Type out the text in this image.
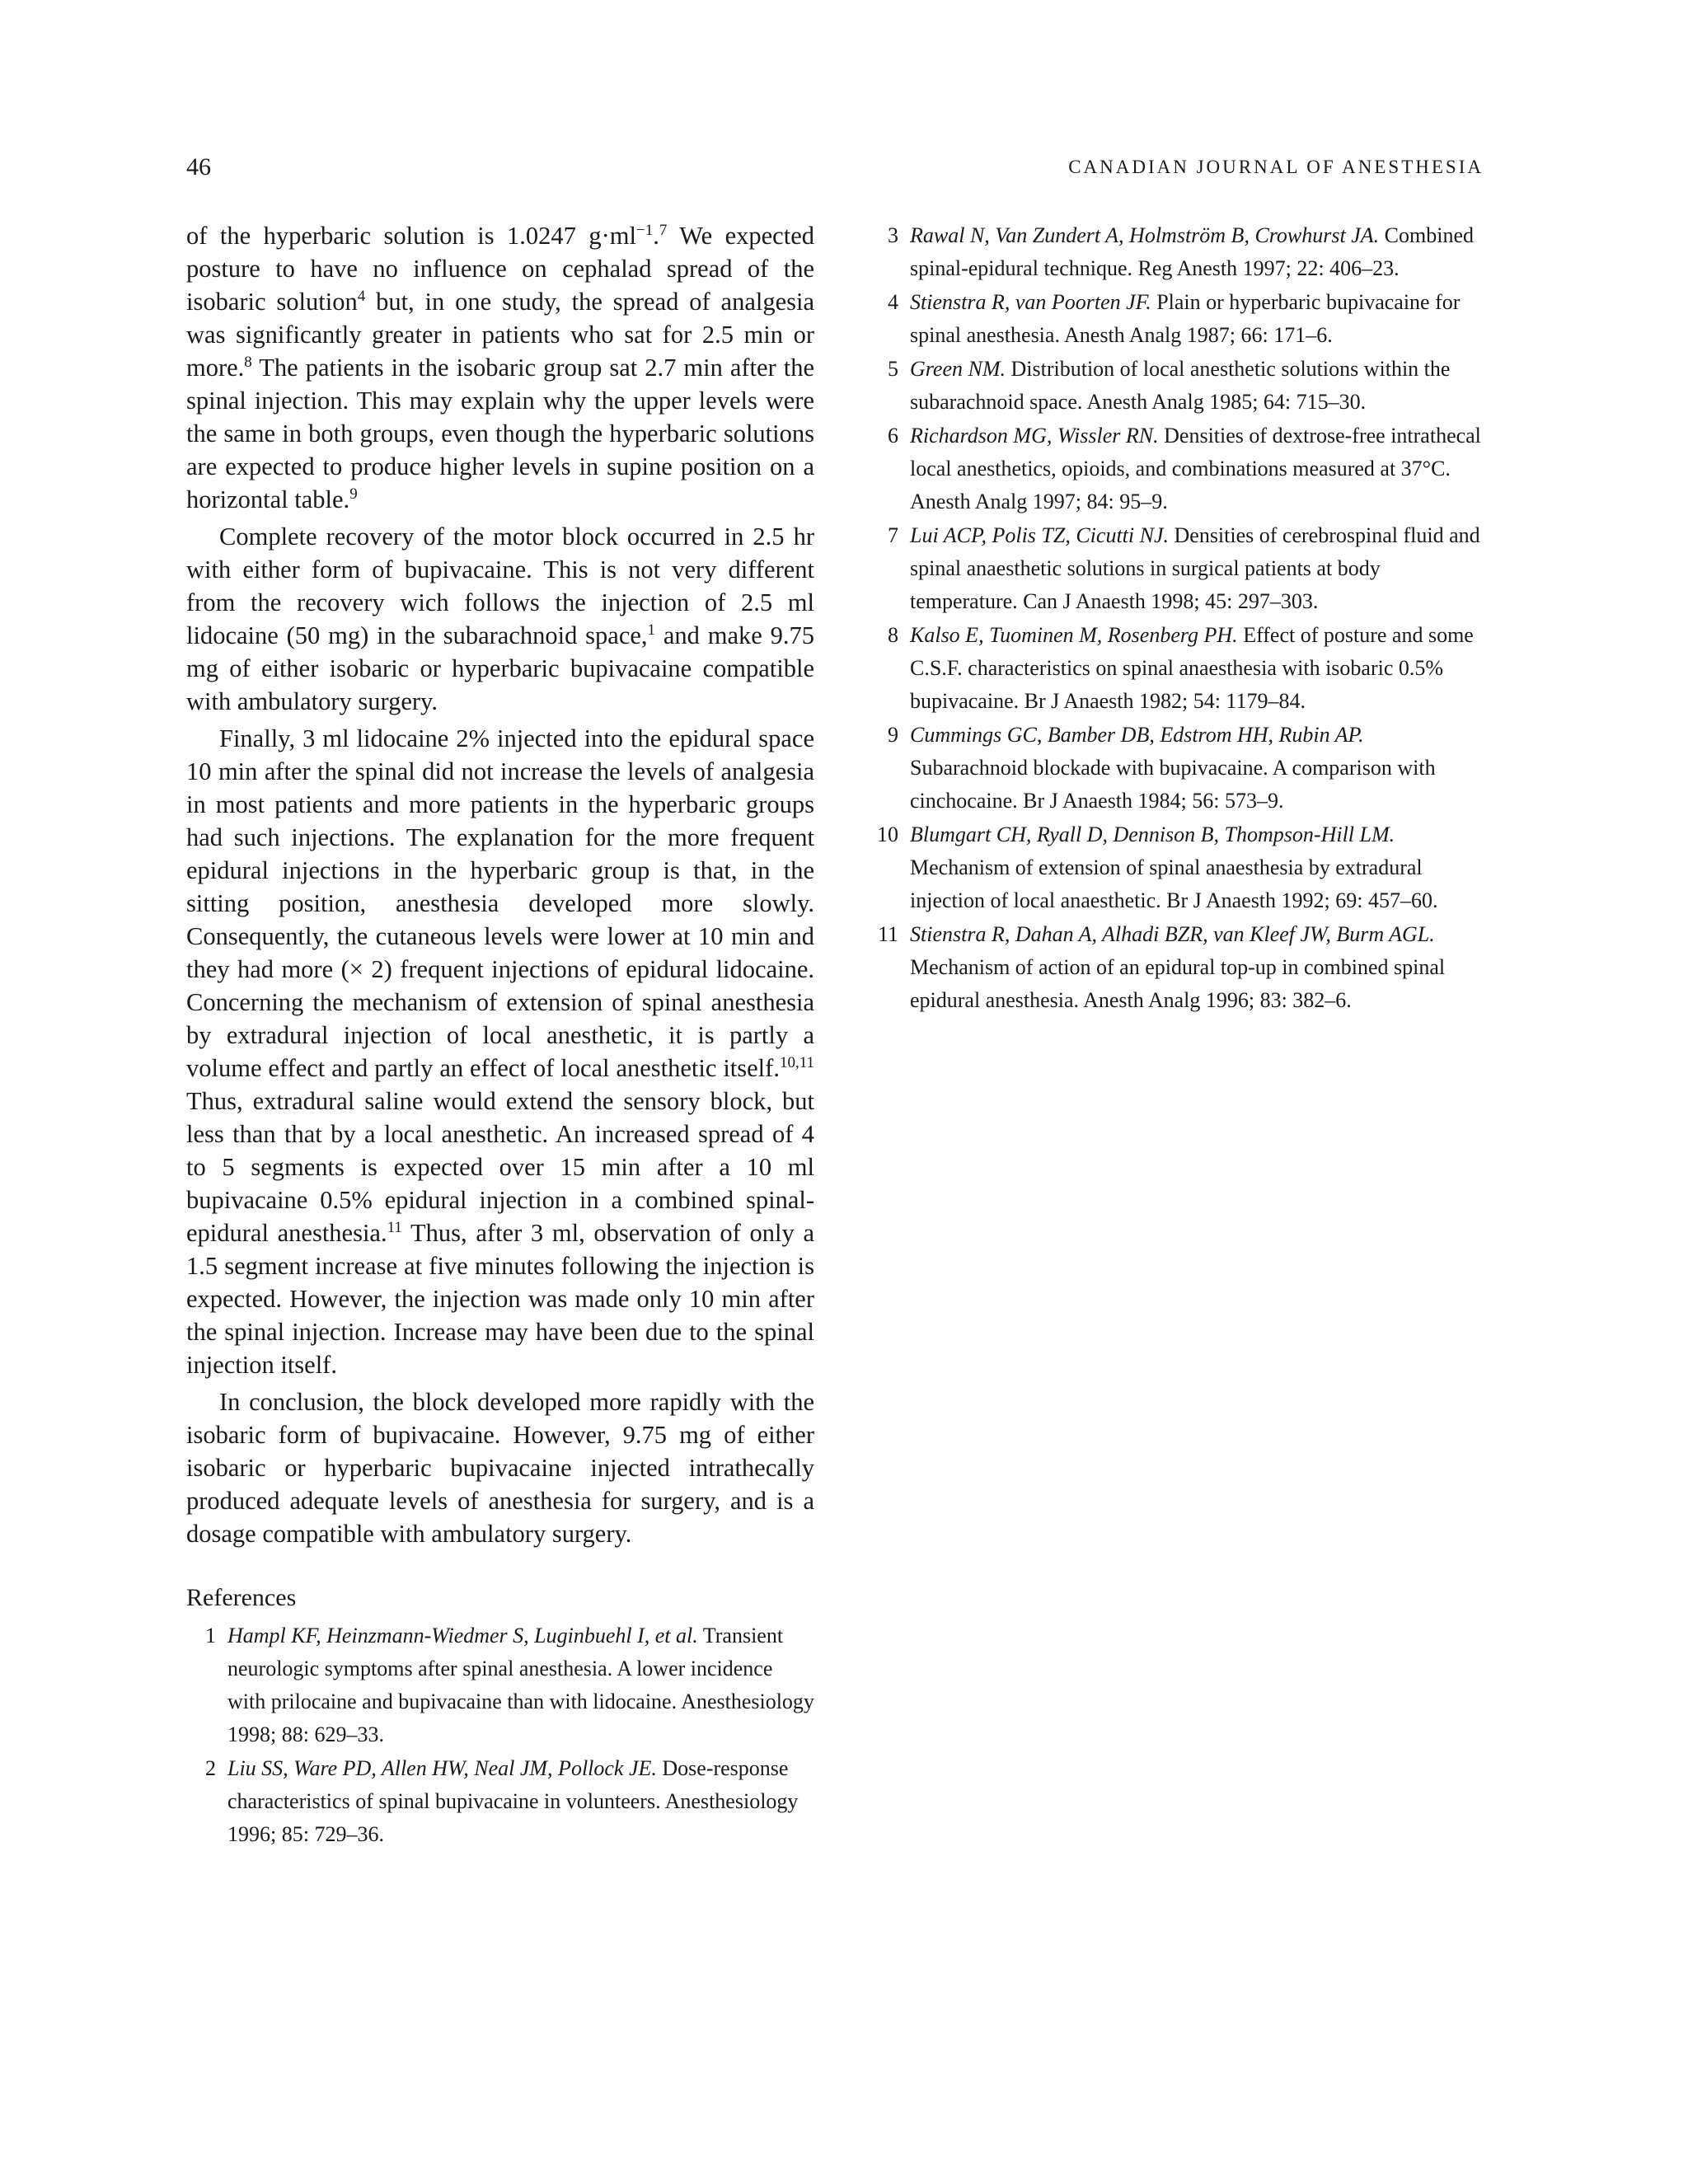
46	CANADIAN JOURNAL OF ANESTHESIA

of the hyperbaric solution is 1.0247 $g\cdot ml^{-1}.^7$ We expected posture to have no influence on cephalad spread of the isobaric solution$^4$ but, in one study, the spread of analgesia was significantly greater in patients who sat for 2.5 min or more.$^8$ The patients in the isobaric group sat 2.7 min after the spinal injection. This may explain why the upper levels were the same in both groups, even though the hyperbaric solutions are expected to produce higher levels in supine position on a horizontal table.$^9$

Complete recovery of the motor block occurred in 2.5 hr with either form of bupivacaine. This is not very different from the recovery wich follows the injection of 2.5 ml lidocaine (50 mg) in the subarachnoid space,$^1$ and make 9.75 mg of either isobaric or hyperbaric bupivacaine compatible with ambulatory surgery.

Finally, 3 ml lidocaine 2% injected into the epidural space 10 min after the spinal did not increase the levels of analgesia in most patients and more patients in the hyperbaric groups had such injections. The explanation for the more frequent epidural injections in the hyperbaric group is that, in the sitting position, anesthesia developed more slowly. Consequently, the cutaneous levels were lower at 10 min and they had more (× 2) frequent injections of epidural lidocaine. Concerning the mechanism of extension of spinal anesthesia by extradural injection of local anesthetic, it is partly a volume effect and partly an effect of local anesthetic itself.$^{10,11}$ Thus, extradural saline would extend the sensory block, but less than that by a local anesthetic. An increased spread of 4 to 5 segments is expected over 15 min after a 10 ml bupivacaine 0.5% epidural injection in a combined spinal-epidural anesthesia.$^{11}$ Thus, after 3 ml, observation of only a 1.5 segment increase at five minutes following the injection is expected. However, the injection was made only 10 min after the spinal injection. Increase may have been due to the spinal injection itself.

In conclusion, the block developed more rapidly with the isobaric form of bupivacaine. However, 9.75 mg of either isobaric or hyperbaric bupivacaine injected intrathecally produced adequate levels of anesthesia for surgery, and is a dosage compatible with ambulatory surgery.

References
1 Hampl KF, Heinzmann-Wiedmer S, Luginbuehl I, et al. Transient neurologic symptoms after spinal anesthesia. A lower incidence with prilocaine and bupivacaine than with lidocaine. Anesthesiology 1998; 88: 629–33.
2 Liu SS, Ware PD, Allen HW, Neal JM, Pollock JE. Dose-response characteristics of spinal bupivacaine in volunteers. Anesthesiology 1996; 85: 729–36.
3 Rawal N, Van Zundert A, Holmström B, Crowhurst JA. Combined spinal-epidural technique. Reg Anesth 1997; 22: 406–23.
4 Stienstra R, van Poorten JF. Plain or hyperbaric bupivacaine for spinal anesthesia. Anesth Analg 1987; 66: 171–6.
5 Green NM. Distribution of local anesthetic solutions within the subarachnoid space. Anesth Analg 1985; 64: 715–30.
6 Richardson MG, Wissler RN. Densities of dextrose-free intrathecal local anesthetics, opioids, and combinations measured at 37°C. Anesth Analg 1997; 84: 95–9.
7 Lui ACP, Polis TZ, Cicutti NJ. Densities of cerebrospinal fluid and spinal anaesthetic solutions in surgical patients at body temperature. Can J Anaesth 1998; 45: 297–303.
8 Kalso E, Tuominen M, Rosenberg PH. Effect of posture and some C.S.F. characteristics on spinal anaesthesia with isobaric 0.5% bupivacaine. Br J Anaesth 1982; 54: 1179–84.
9 Cummings GC, Bamber DB, Edstrom HH, Rubin AP. Subarachnoid blockade with bupivacaine. A comparison with cinchocaine. Br J Anaesth 1984; 56: 573–9.
10 Blumgart CH, Ryall D, Dennison B, Thompson-Hill LM. Mechanism of extension of spinal anaesthesia by extradural injection of local anaesthetic. Br J Anaesth 1992; 69: 457–60.
11 Stienstra R, Dahan A, Alhadi BZR, van Kleef JW, Burm AGL. Mechanism of action of an epidural top-up in combined spinal epidural anesthesia. Anesth Analg 1996; 83: 382–6.
